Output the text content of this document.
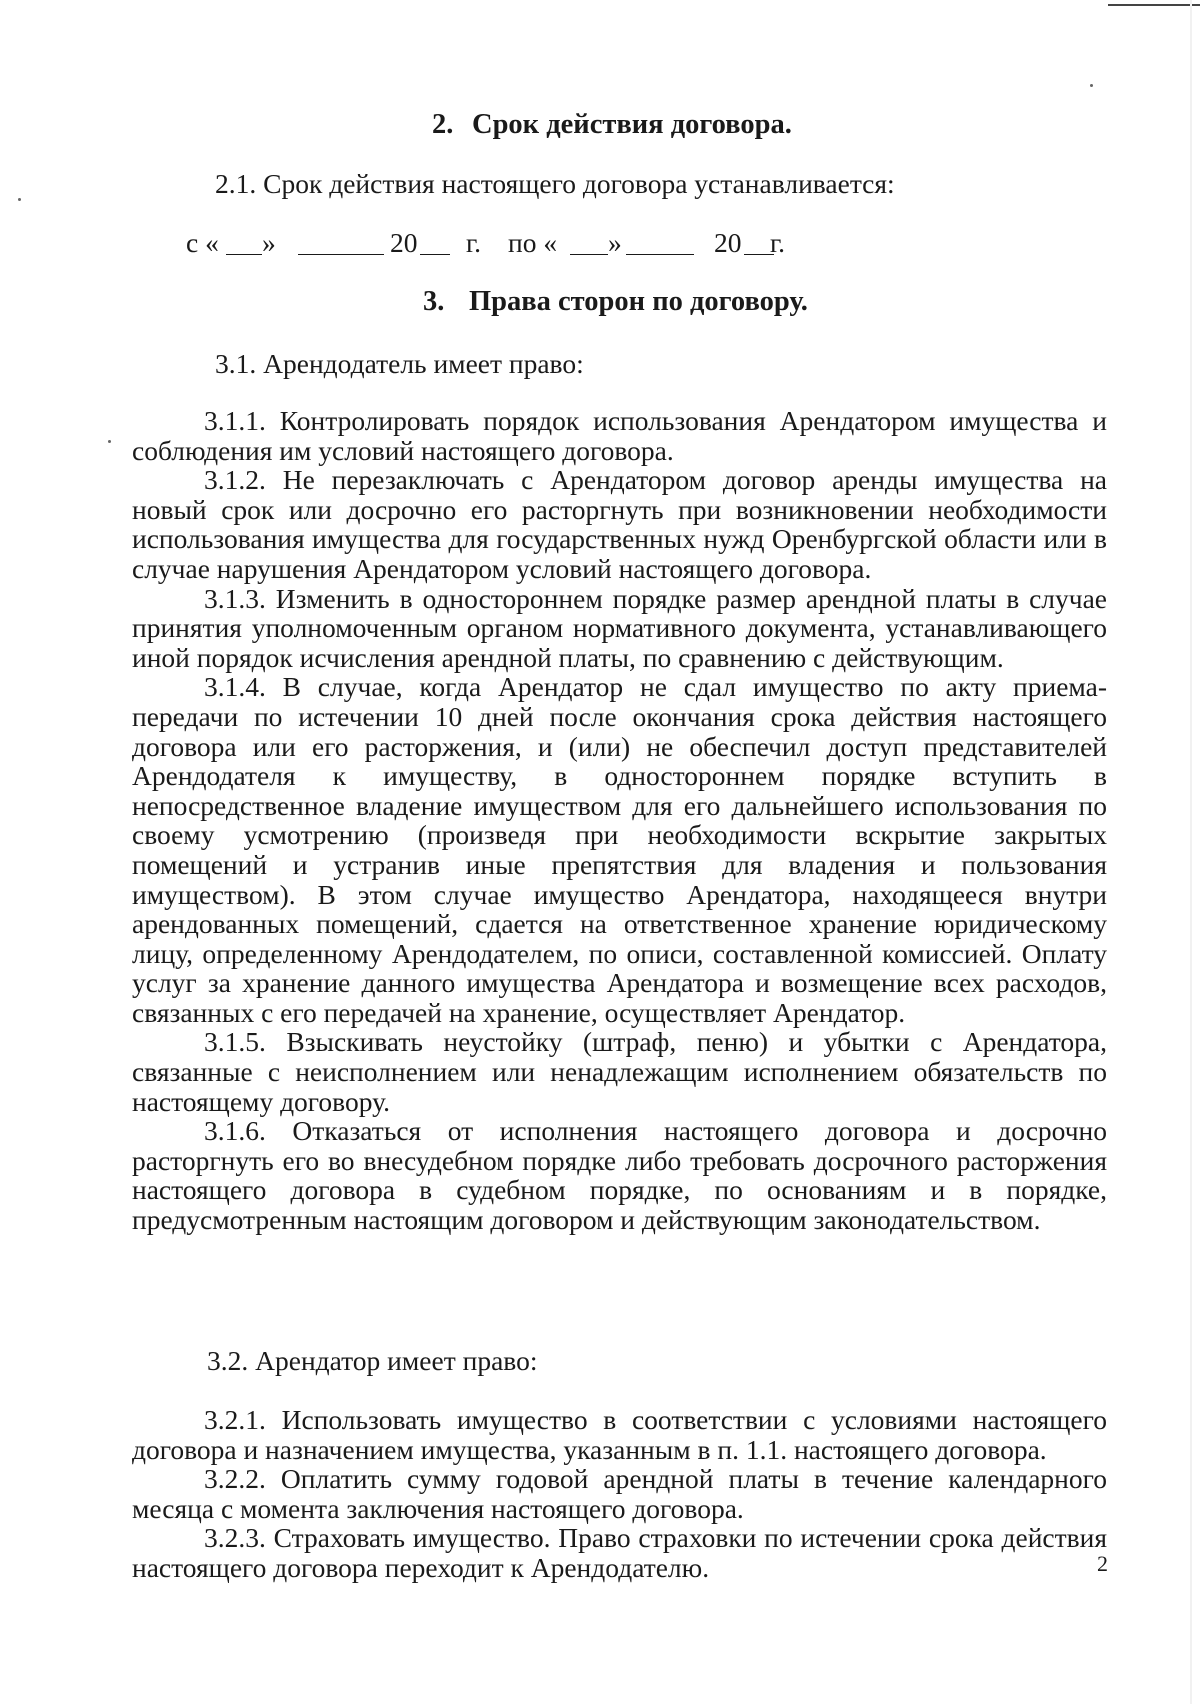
2. Срок действия договора.
2.1. Срок действия настоящего договора устанавливается:
с « »	20 г. по « »	20 г.
3. Права сторон по договору.
3.1. Арендодатель имеет право:

3.1.1. Контролировать порядок использования Арендатором имущества и соблюдения им условий настоящего договора.

3.1.2. Не перезаключать с Арендатором договор аренды имущества на новый срок или досрочно его расторгнуть при возникновении необходимости использования имущества для государственных нужд Оренбургской области или в случае нарушения Арендатором условий настоящего договора.

3.1.3. Изменить в одностороннем порядке размер арендной платы в случае принятия уполномоченным органом нормативного документа, устанавливающего иной порядок исчисления арендной платы, по сравнению с действующим.

3.1.4. В случае, когда Арендатор не сдал имущество по акту приема-передачи по истечении 10 дней после окончания срока действия настоящего договора или его расторжения, и (или) не обеспечил доступ представителей Арендодателя к имуществу, в одностороннем порядке вступить в непосредственное владение имуществом для его дальнейшего использования по своему усмотрению (произведя при необходимости вскрытие закрытых помещений и устранив иные препятствия для владения и пользования имуществом). В этом случае имущество Арендатора, находящееся внутри арендованных помещений, сдается на ответственное хранение юридическому лицу, определенному Арендодателем, по описи, составленной комиссией. Оплату услуг за хранение данного имущества Арендатора и возмещение всех расходов, связанных с его передачей на хранение, осуществляет Арендатор.

3.1.5. Взыскивать неустойку (штраф, пеню) и убытки с Арендатора, связанные с неисполнением или ненадлежащим исполнением обязательств по настоящему договору.

3.1.6. Отказаться от исполнения настоящего договора и досрочно расторгнуть его во внесудебном порядке либо требовать досрочного расторжения настоящего договора в судебном порядке, по основаниям и в порядке, предусмотренным настоящим договором и действующим законодательством.

3.2. Арендатор имеет право:

3.2.1. Использовать имущество в соответствии с условиями настоящего договора и назначением имущества, указанным в п. 1.1. настоящего договора.

3.2.2. Оплатить сумму годовой арендной платы в течение календарного месяца с момента заключения настоящего договора.

3.2.3. Страховать имущество. Право страховки по истечении срока действия настоящего договора переходит к Арендодателю.	2
